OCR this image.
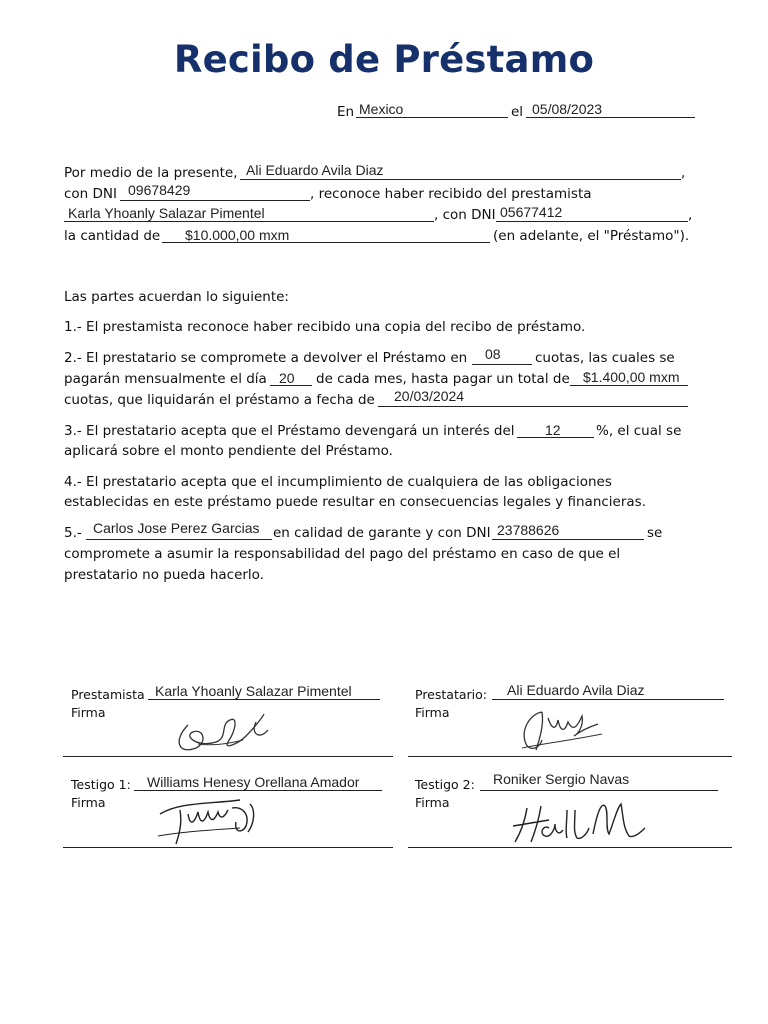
Recibo de Préstamo
En Mexico	el 05/08/2023
Por medio de la presente, Ali Eduardo Avila Diaz	,
con DNI 09678429	, reconoce haber recibido del prestamista
Karla Yhoanly Salazar Pimentel	, con DNI 05677412	,
la cantidad de $10.000,00 mxm	(en adelante, el "Préstamo").
Las partes acuerdan lo siguiente:
1.- El prestamista reconoce haber recibido una copia del recibo de préstamo.
2.- El prestatario se compromete a devolver el Préstamo en 08	cuotas, las cuales se
pagarán mensualmente el día 20 de cada mes, hasta pagar un total de $1.400,00 mxm
cuotas, que liquidarán el préstamo a fecha de 20/03/2024
3.- El prestatario acepta que el Préstamo devengará un interés del 12	%, el cual se
aplicará sobre el monto pendiente del Préstamo.
4.- El prestatario acepta que el incumplimiento de cualquiera de las obligaciones
establecidas en este préstamo puede resultar en consecuencias legales y financieras.
5.- Carlos Jose Perez Garcias en calidad de garante y con DNI 23788626	se
compromete a asumir la responsabilidad del pago del préstamo en caso de que el
prestatario no pueda hacerlo.
Prestamista Karla Yhoanly Salazar Pimentel
Firma
Prestatario: Ali Eduardo Avila Diaz
Firma
Testigo 1: Williams Henesy Orellana Amador
Firma
Testigo 2: Roniker Sergio Navas
Firma
